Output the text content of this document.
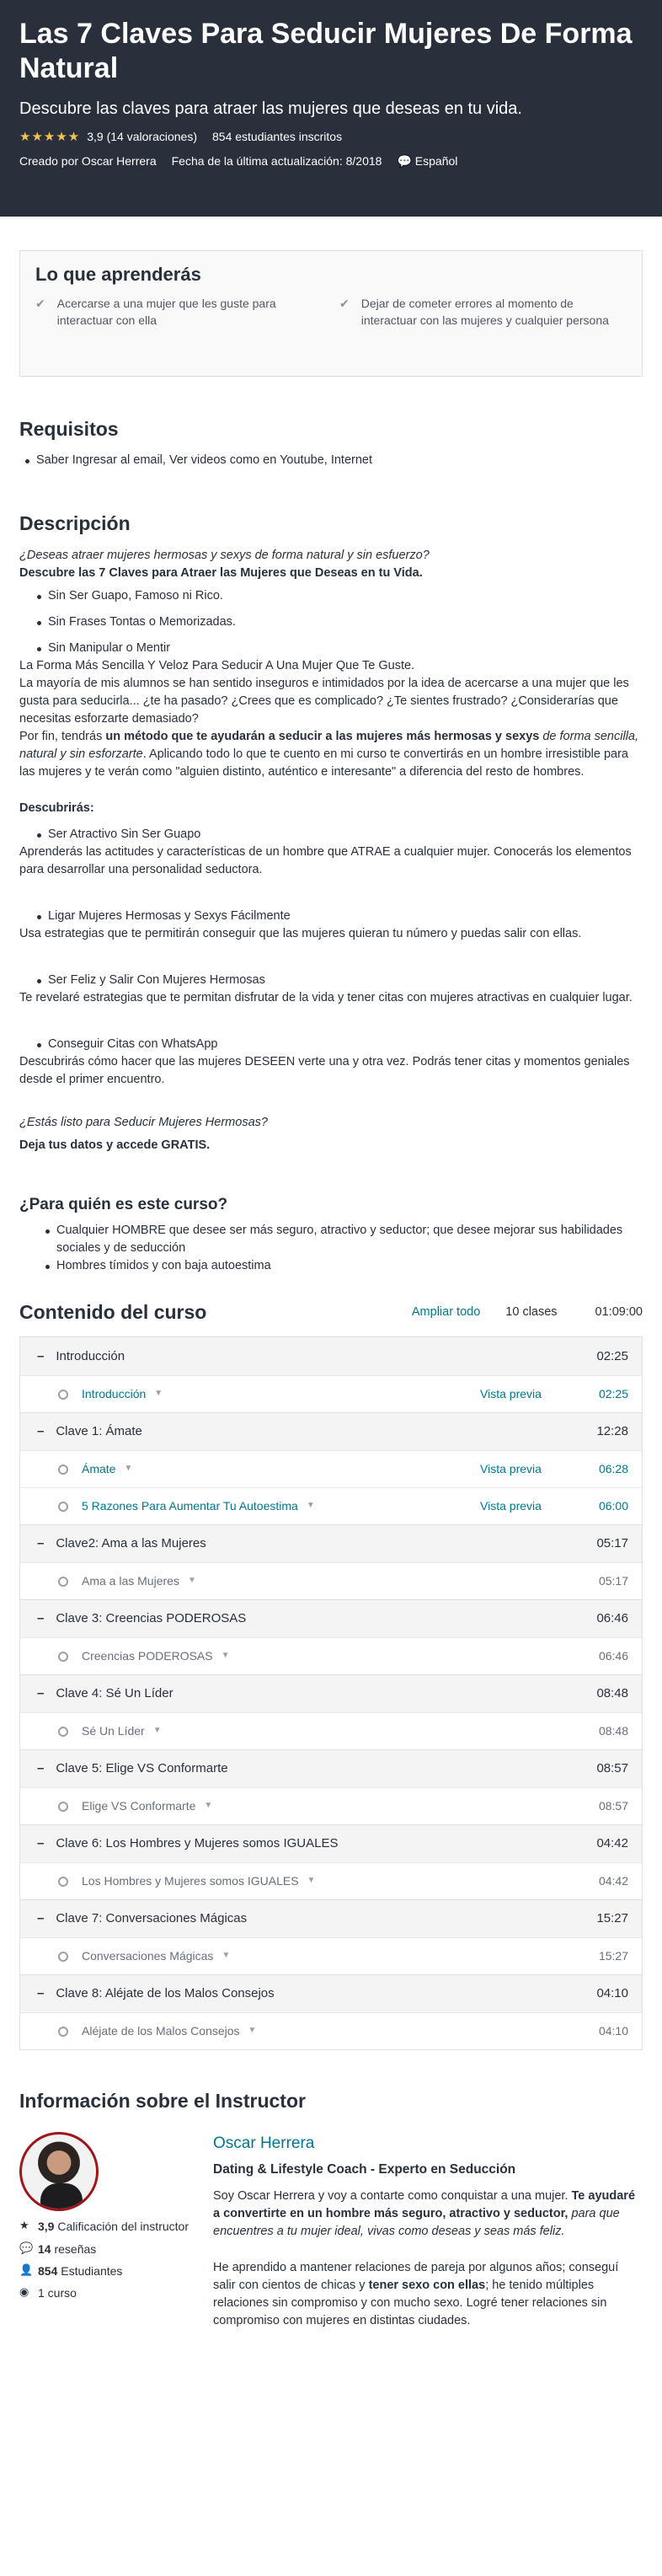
Las 7 Claves Para Seducir Mujeres De Forma Natural
Descubre las claves para atraer las mujeres que deseas en tu vida.
★★★★★ 3,9 (14 valoraciones) 854 estudiantes inscritos
Creado por Oscar Herrera Fecha de la última actualización: 8/2018 💬 Español
Lo que aprenderás
✔ Acercarse a una mujer que les guste para interactuar con ella
✔ Dejar de cometer errores al momento de interactuar con las mujeres y cualquier persona
Requisitos
Saber Ingresar al email, Ver videos como en Youtube, Internet
Descripción

¿Deseas atraer mujeres hermosas y sexys de forma natural y sin esfuerzo?

Descubre las 7 Claves para Atraer las Mujeres que Deseas en tu Vida.

Sin Ser Guapo, Famoso ni Rico.
Sin Frases Tontas o Memorizadas.
Sin Manipular o Mentir

La Forma Más Sencilla Y Veloz Para Seducir A Una Mujer Que Te Guste.

La mayoría de mis alumnos se han sentido inseguros e intimidados por la idea de acercarse a una mujer que les gusta para seducirla... ¿te ha pasado? ¿Crees que es complicado? ¿Te sientes frustrado? ¿Considerarías que necesitas esforzarte demasiado?

Por fin, tendrás un método que te ayudarán a seducir a las mujeres más hermosas y sexys de forma sencilla, natural y sin esforzarte. Aplicando todo lo que te cuento en mi curso te convertirás en un hombre irresistible para las mujeres y te verán como "alguien distinto, auténtico e interesante" a diferencia del resto de hombres.

Descubrirás:

Ser Atractivo Sin Ser Guapo

Aprenderás las actitudes y características de un hombre que ATRAE a cualquier mujer. Conocerás los elementos para desarrollar una personalidad seductora.

Ligar Mujeres Hermosas y Sexys Fácilmente

Usa estrategias que te permitirán conseguir que las mujeres quieran tu número y puedas salir con ellas.

Ser Feliz y Salir Con Mujeres Hermosas

Te revelaré estrategias que te permitan disfrutar de la vida y tener citas con mujeres atractivas en cualquier lugar.

Conseguir Citas con WhatsApp

Descubrirás cómo hacer que las mujeres DESEEN verte una y otra vez. Podrás tener citas y momentos geniales desde el primer encuentro.

¿Estás listo para Seducir Mujeres Hermosas?

Deja tus datos y accede GRATIS.

¿Para quién es este curso?
Cualquier HOMBRE que desee ser más seguro, atractivo y seductor; que desee mejorar sus habilidades sociales y de seducción
Hombres tímidos y con baja autoestima
Contenido del curso	Ampliar todo 10 clases	01:09:00
– Introducción	02:25
Introducción ▼	Vista previa	02:25
– Clave 1: Ámate	12:28
Ámate ▼	Vista previa	06:28
5 Razones Para Aumentar Tu Autoestima ▼	Vista previa	06:00
– Clave2: Ama a las Mujeres	05:17
Ama a las Mujeres ▼	05:17
– Clave 3: Creencias PODEROSAS	06:46
Creencias PODEROSAS ▼	06:46
– Clave 4: Sé Un Líder	08:48
Sé Un Líder ▼	08:48
– Clave 5: Elige VS Conformarte	08:57
Elige VS Conformarte ▼	08:57
– Clave 6: Los Hombres y Mujeres somos IGUALES	04:42
Los Hombres y Mujeres somos IGUALES ▼	04:42
– Clave 7: Conversaciones Mágicas	15:27
Conversaciones Mágicas ▼	15:27
– Clave 8: Aléjate de los Malos Consejos	04:10
Aléjate de los Malos Consejos ▼	04:10
Información sobre el Instructor
★ 3,9 Calificación del instructor
💬 14 reseñas
👤 854 Estudiantes
◉ 1 curso
Oscar Herrera
Dating & Lifestyle Coach - Experto en Seducción

Soy Oscar Herrera y voy a contarte como conquistar a una mujer. Te ayudaré a convertirte en un hombre más seguro, atractivo y seductor, para que encuentres a tu mujer ideal, vivas como deseas y seas más feliz.

He aprendido a mantener relaciones de pareja por algunos años; conseguí salir con cientos de chicas y tener sexo con ellas; he tenido múltiples relaciones sin compromiso y con mucho sexo. Logré tener relaciones sin compromiso con mujeres en distintas ciudades.
